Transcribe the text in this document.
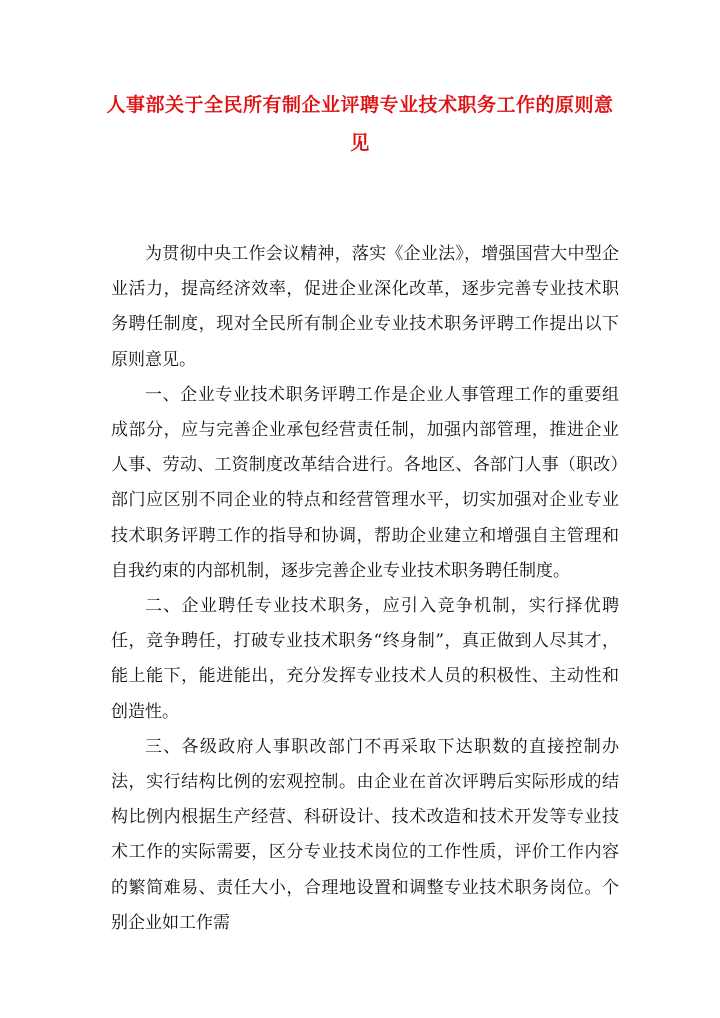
人事部关于全民所有制企业评聘专业技术职务工作的原则意见

为贯彻中央工作会议精神，落实《企业法》，增强国营大中型企业活力，提高经济效率，促进企业深化改革，逐步完善专业技术职务聘任制度，现对全民所有制企业专业技术职务评聘工作提出以下原则意见。

一、企业专业技术职务评聘工作是企业人事管理工作的重要组成部分，应与完善企业承包经营责任制，加强内部管理，推进企业人事、劳动、工资制度改革结合进行。各地区、各部门人事（职改）部门应区别不同企业的特点和经营管理水平，切实加强对企业专业技术职务评聘工作的指导和协调，帮助企业建立和增强自主管理和自我约束的内部机制，逐步完善企业专业技术职务聘任制度。

二、企业聘任专业技术职务，应引入竞争机制，实行择优聘任，竞争聘任，打破专业技术职务“终身制”，真正做到人尽其才，能上能下，能进能出，充分发挥专业技术人员的积极性、主动性和创造性。

三、各级政府人事职改部门不再采取下达职数的直接控制办法，实行结构比例的宏观控制。由企业在首次评聘后实际形成的结构比例内根据生产经营、科研设计、技术改造和技术开发等专业技术工作的实际需要，区分专业技术岗位的工作性质，评价工作内容的繁简难易、责任大小，合理地设置和调整专业技术职务岗位。个别企业如工作需
